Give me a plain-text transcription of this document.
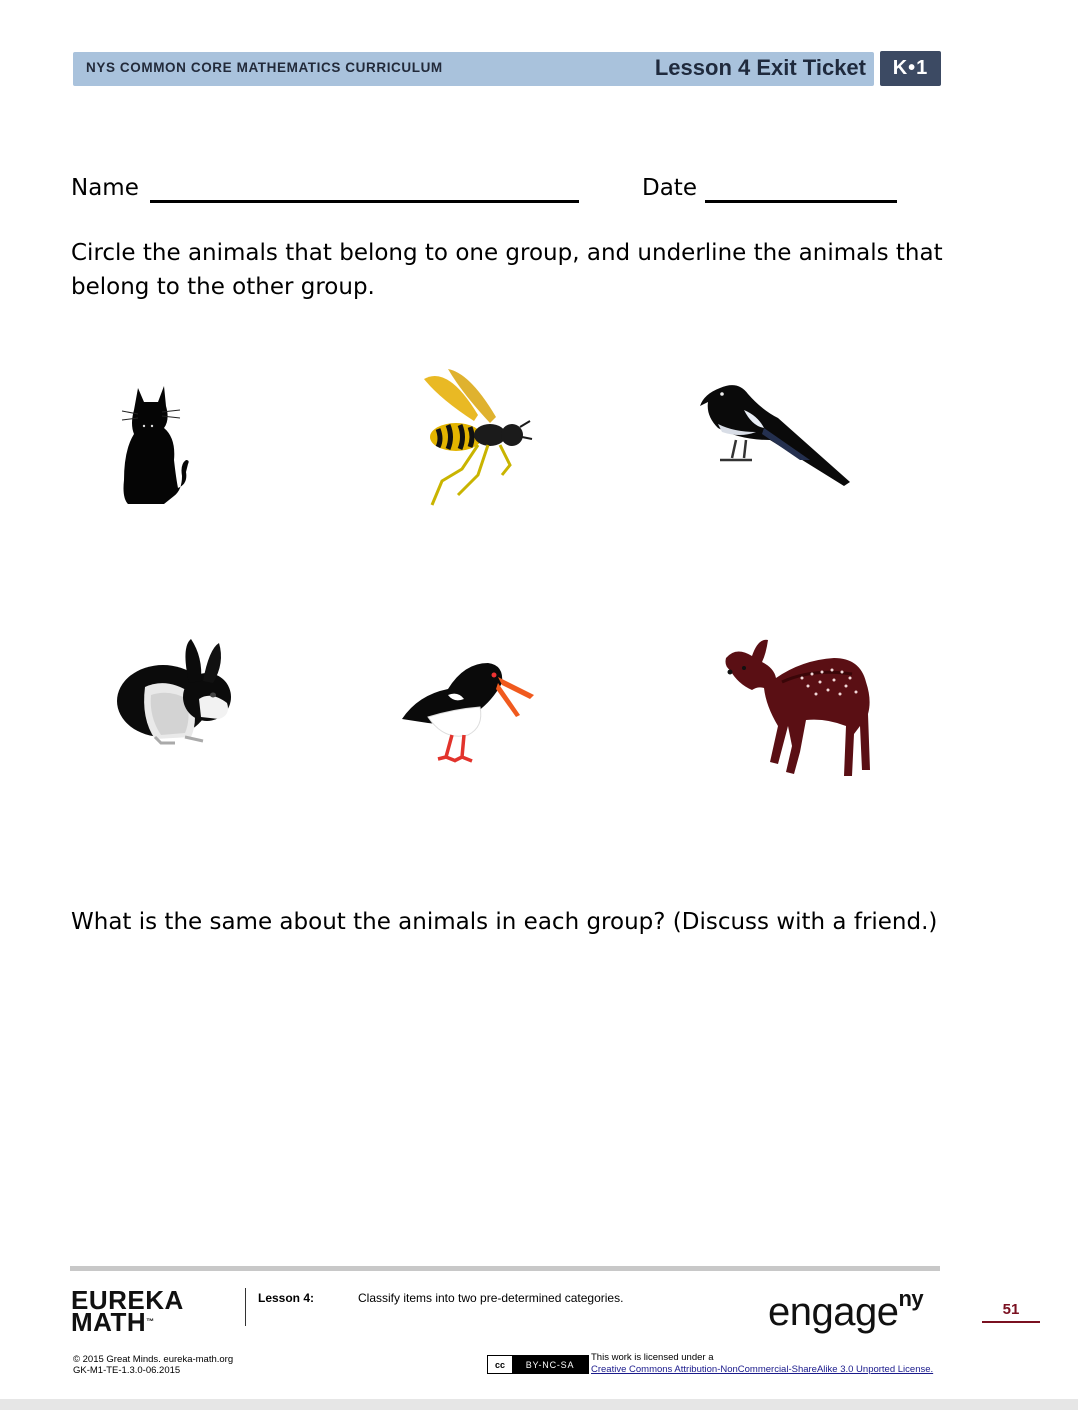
NYS COMMON CORE MATHEMATICS CURRICULUM	Lesson 4 Exit Ticket	K•1
Name	Date
Circle the animals that belong to one group, and underline the animals that belong to the other group.
What is the same about the animals in each group? (Discuss with a friend.)
EUREKA
MATH™
Lesson 4:	Classify items into two pre-determined categories.	engage$^{ny}$	51
© 2015 Great Minds. eureka-math.org
GK-M1-TE-1.3.0-06.2015
cc	BY-NC-SA
This work is licensed under a
Creative Commons Attribution-NonCommercial-ShareAlike 3.0 Unported License.
